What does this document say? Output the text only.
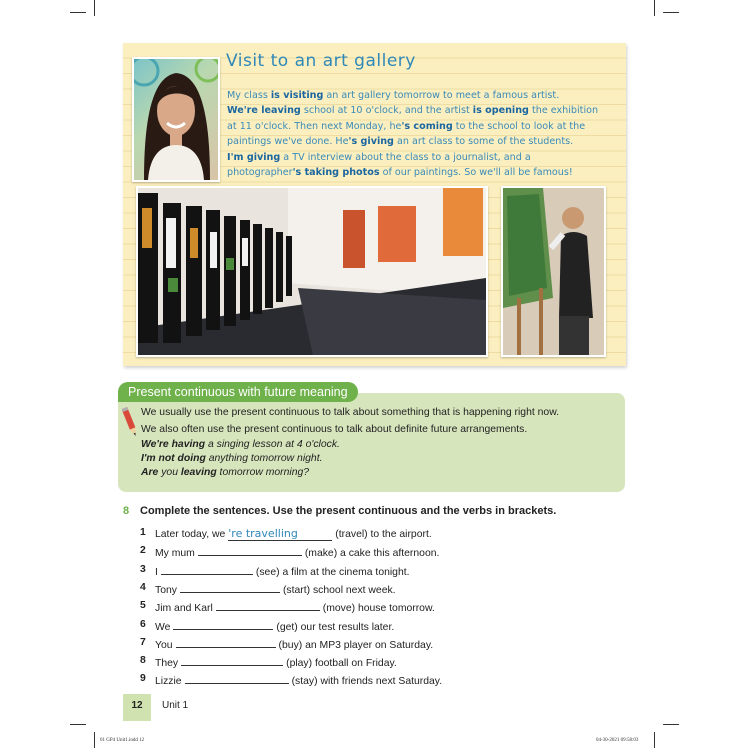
Visit to an art gallery
My class is visiting an art gallery tomorrow to meet a famous artist.
We're leaving school at 10 o'clock, and the artist is opening the exhibition
at 11 o'clock. Then next Monday, he's coming to the school to look at the
paintings we've done. He's giving an art class to some of the students.
I'm giving a TV interview about the class to a journalist, and a
photographer's taking photos of our paintings. So we'll all be famous!
Present continuous with future meaning
We usually use the present continuous to talk about something that is happening right now.
We also often use the present continuous to talk about definite future arrangements.
We're having a singing lesson at 4 o'clock.
I'm not doing anything tomorrow night.
Are you leaving tomorrow morning?
8 Complete the sentences. Use the present continuous and the verbs in brackets.
1 Later today, we 're travelling	(travel) to the airport.
2 My mum	(make) a cake this afternoon.
3 I	(see) a film at the cinema tonight.
4 Tony	(start) school next week.
5 Jim and Karl	(move) house tomorrow.
6 We	(get) our test results later.
7 You	(buy) an MP3 player on Saturday.
8 They	(play) football on Friday.
9 Lizzie	(stay) with friends next Saturday.
12	Unit 1
01 GP4 Unit1.indd 12	04-30-2021 09:58:03
